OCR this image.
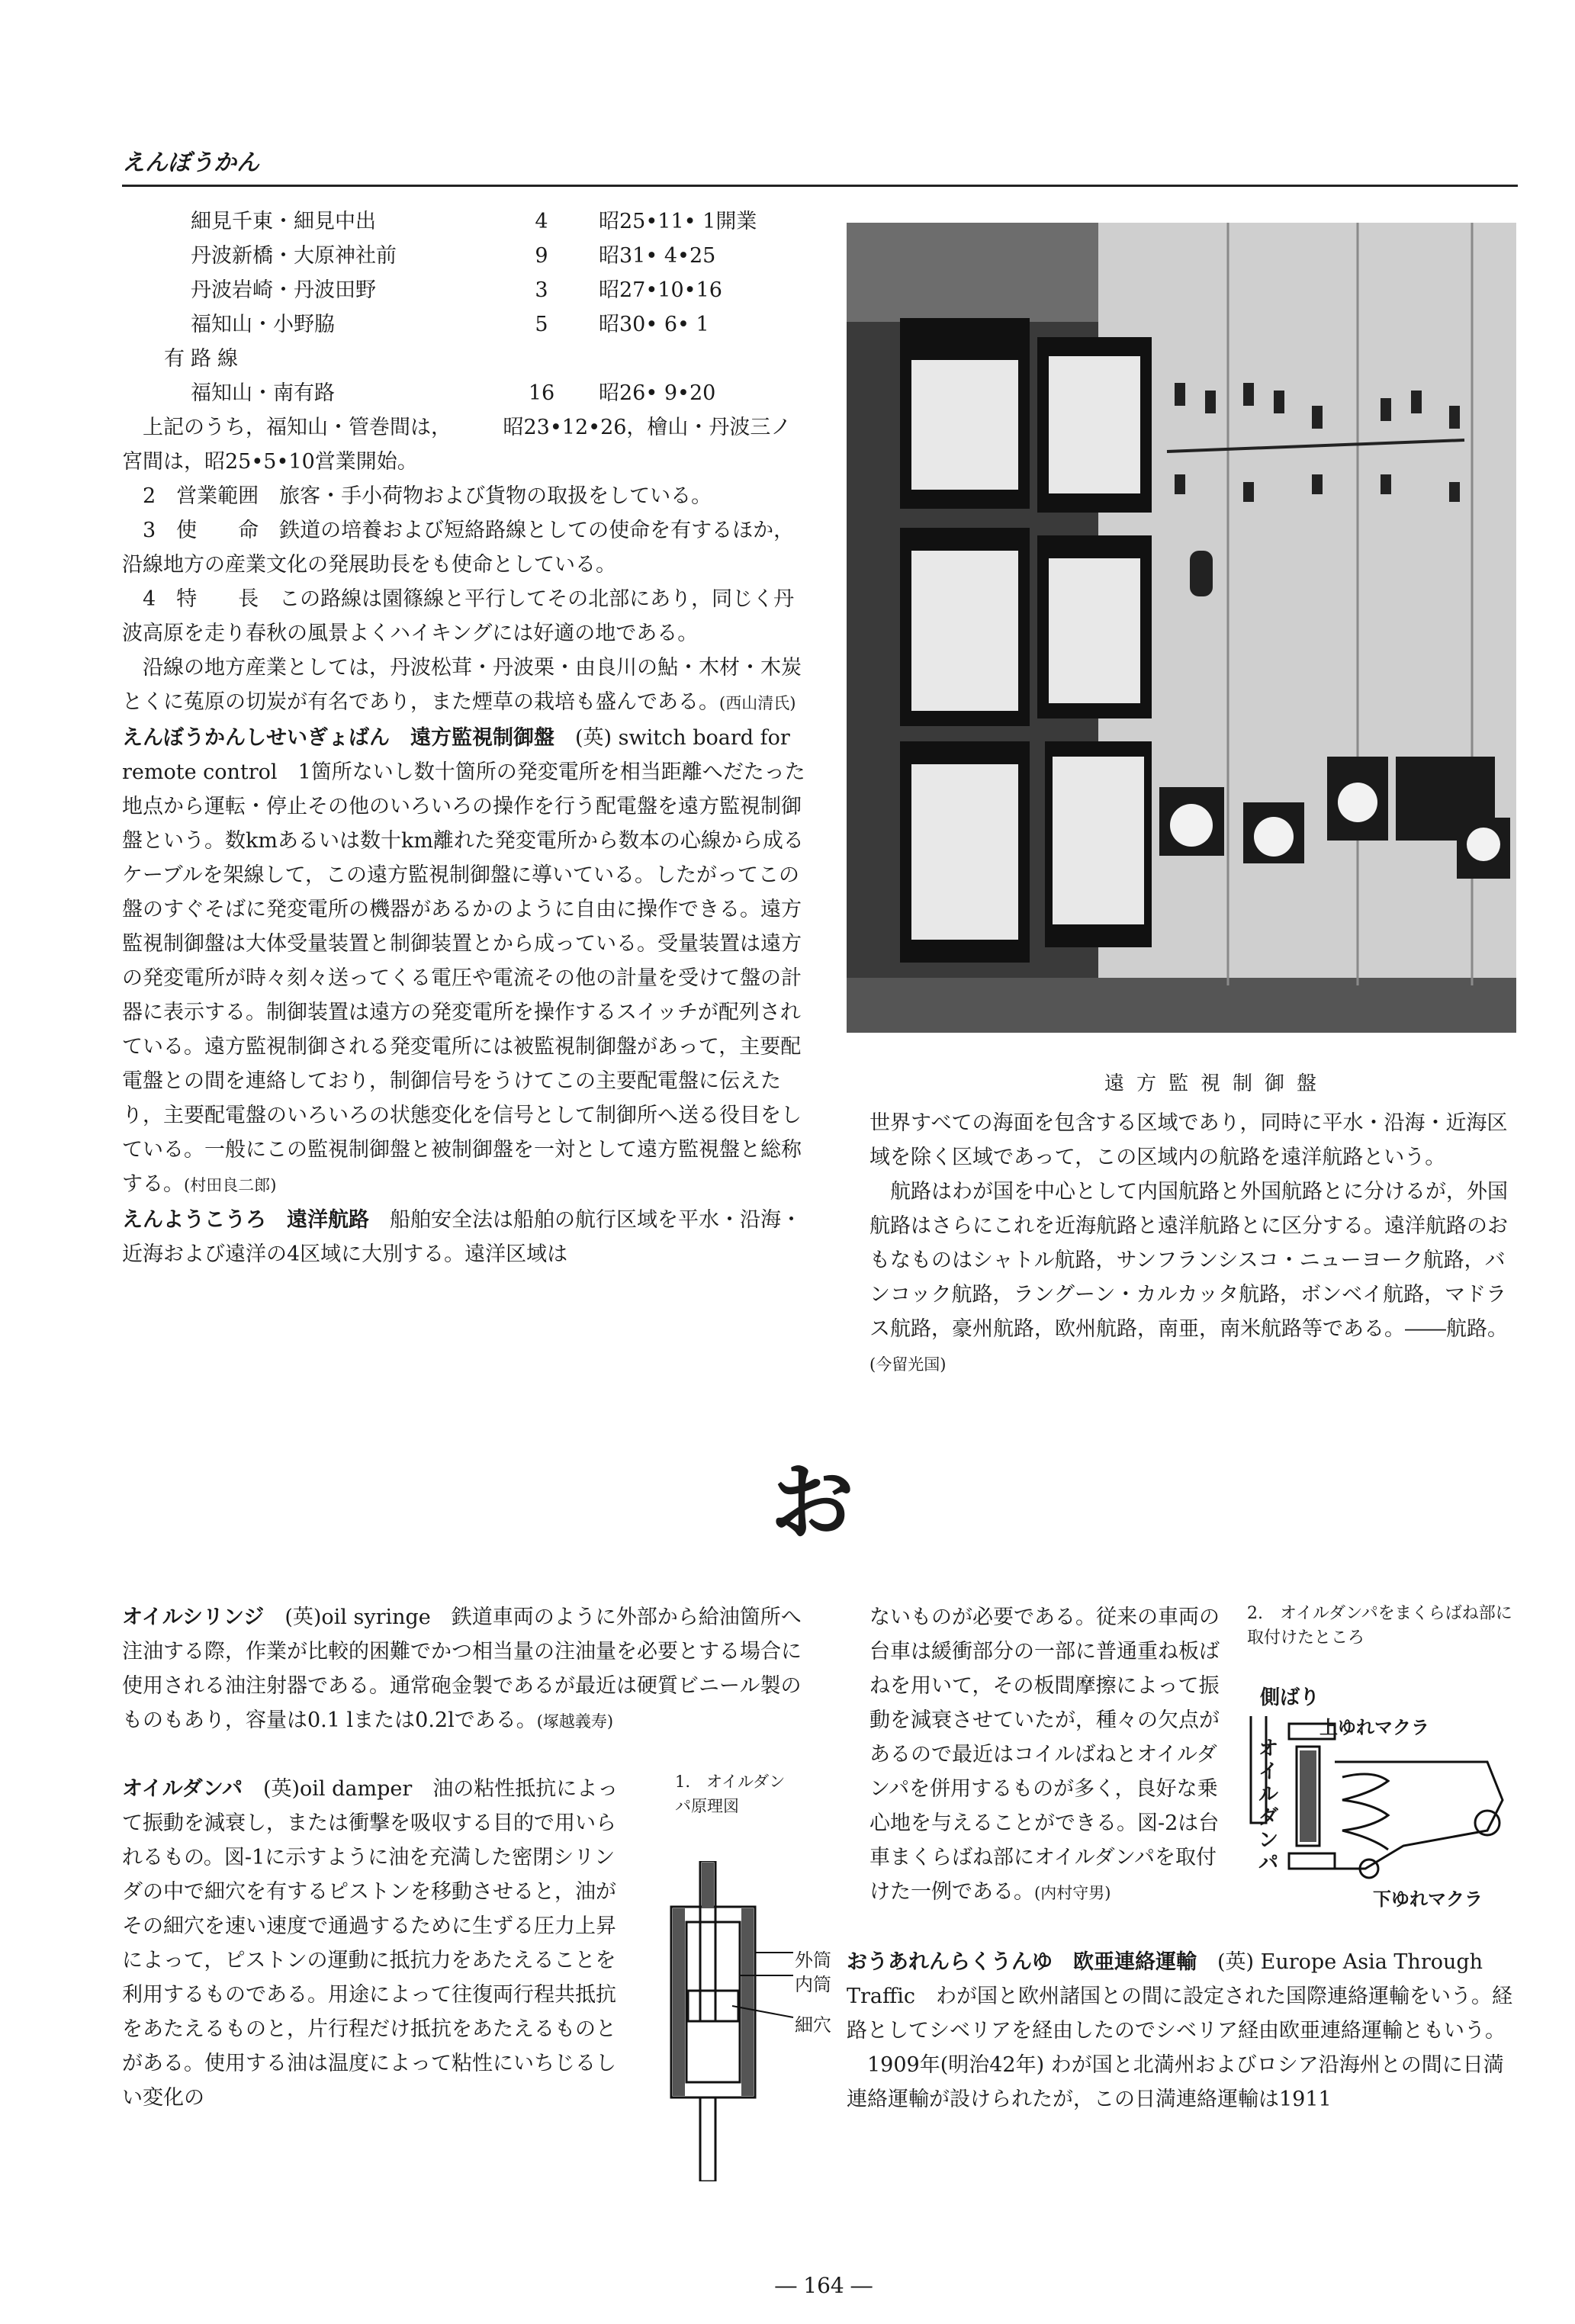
えんぼうかん
細見千東・細見中出	4	昭25•11• 1開業
丹波新橋・大原神社前	9	昭31• 4•25
丹波岩崎・丹波田野	3	昭27•10•16
福知山・小野脇	5	昭30• 6• 1
有路線
福知山・南有路	16	昭26• 9•20

上記のうち，福知山・管巻間は，　　　昭23•12•26，檜山・丹波三ノ宮間は，昭25•5•10営業開始。

2　営業範囲　旅客・手小荷物および貨物の取扱をしている。

3　使　　命　鉄道の培養および短絡路線としての使命を有するほか，沿線地方の産業文化の発展助長をも使命としている。

4　特　　長　この路線は園篠線と平行してその北部にあり，同じく丹波高原を走り春秋の風景よくハイキングには好適の地である。

沿線の地方産業としては，丹波松茸・丹波栗・由良川の鮎・木材・木炭とくに菟原の切炭が有名であり，また煙草の栽培も盛んである。(西山清氏)

えんぼうかんしせいぎょばん　 遠方監視制御盤　 (英) switch board for remote control　 1箇所ないし数十箇所の発変電所を相当距離へだたった地点から運転・停止その他のいろいろの操作を行う配電盤を遠方監視制御盤という。数kmあるいは数十km離れた発変電所から数本の心線から成るケーブルを架線して，この遠方監視制御盤に導いている。したがってこの盤のすぐそばに発変電所の機器があるかのように自由に操作できる。遠方監視制御盤は大体受量装置と制御装置とから成っている。受量装置は遠方の発変電所が時々刻々送ってくる電圧や電流その他の計量を受けて盤の計器に表示する。制御装置は遠方の発変電所を操作するスイッチが配列されている。遠方監視制御される発変電所には被監視制御盤があって，主要配電盤との間を連絡しており，制御信号をうけてこの主要配電盤に伝えたり，主要配電盤のいろいろの状態変化を信号として制御所へ送る役目をしている。一般にこの監視制御盤と被制御盤を一対として遠方監視盤と総称する。(村田良二郎)

えんようこうろ　 遠洋航路　 船舶安全法は船舶の航行区域を平水・沿海・近海および遠洋の4区域に大別する。遠洋区域は

遠方監視制御盤

世界すべての海面を包含する区域であり，同時に平水・沿海・近海区域を除く区域であって，この区域内の航路を遠洋航路という。

航路はわが国を中心として内国航路と外国航路とに分けるが，外国航路はさらにこれを近海航路と遠洋航路とに区分する。遠洋航路のおもなものはシャトル航路，サンフランシスコ・ニューヨーク航路，バンコック航路，ラングーン・カルカッタ航路，ボンベイ航路，マドラス航路，豪州航路，欧州航路，南亜，南米航路等である。――航路。(今留光国)

お

オイルシリンジ　 (英)oil syringe　 鉄道車両のように外部から給油箇所へ注油する際，作業が比較的困難でかつ相当量の注油量を必要とする場合に使用される油注射器である。通常砲金製であるが最近は硬質ビニール製のものもあり，容量は0.1 lまたは0.2lである。(塚越義寿)

オイルダンパ　 (英)oil damper　 油の粘性抵抗によって振動を減衰し，または衝撃を吸収する目的で用いられるもの。図-1に示すように油を充満した密閉シリンダの中で細穴を有するピストンを移動させると，油がその細穴を速い速度で通過するために生ずる圧力上昇によって，ピストンの運動に抵抗力をあたえることを利用するものである。用途によって往復両行程共抵抗をあたえるものと，片行程だけ抵抗をあたえるものとがある。使用する油は温度によって粘性にいちじるしい変化の

1.　オイルダンパ原理図
外筒
内筒
細穴

ないものが必要である。従来の車両の台車は緩衝部分の一部に普通重ね板ばねを用いて，その板間摩擦によって振動を減衰させていたが，種々の欠点があるので最近はコイルばねとオイルダンパを併用するものが多く，良好な乗心地を与えることができる。図-2は台車まくらばね部にオイルダンパを取付けた一例である。(内村守男)

2.　オイルダンパをまくらばね部に取付けたところ
側ばり
上ゆれマクラ
オイルダンパ
下ゆれマクラ

おうあれんらくうんゆ　 欧亜連絡運輸　 (英) Europe Asia Through Traffic　 わが国と欧州諸国との間に設定された国際連絡運輸をいう。経路としてシベリアを経由したのでシベリア経由欧亜連絡運輸ともいう。

1909年(明治42年) わが国と北満州およびロシア沿海州との間に日満連絡運輸が設けられたが，この日満連絡運輸は1911

― 164 ―
